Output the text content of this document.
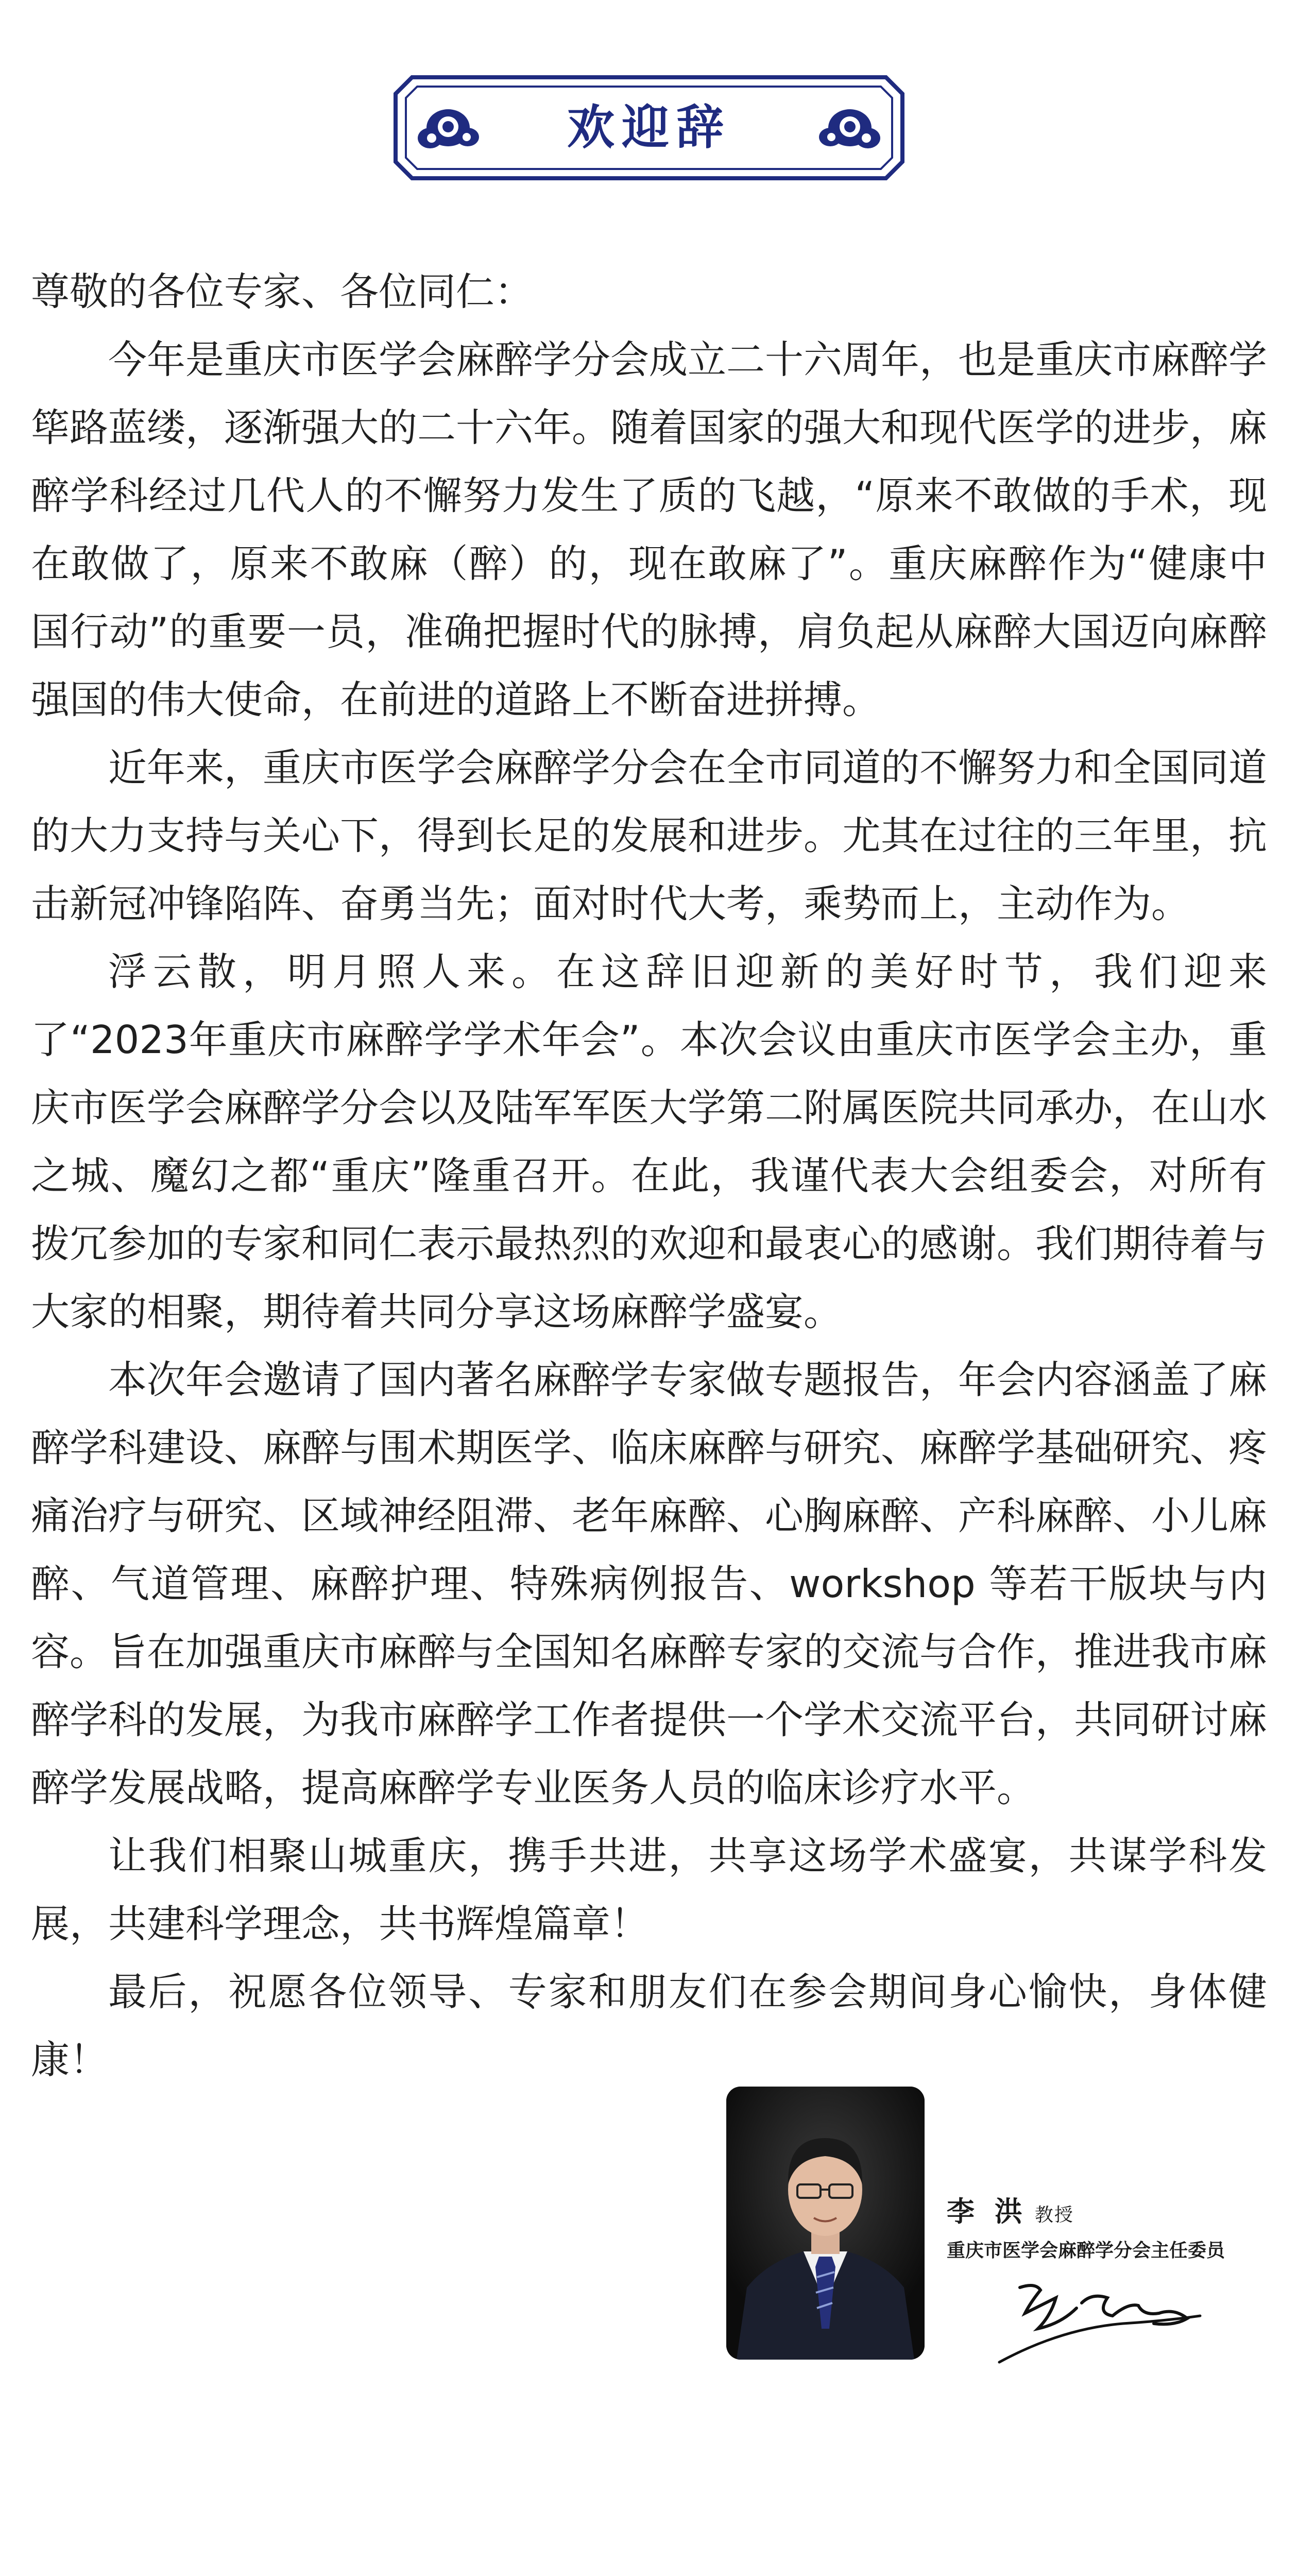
欢迎辞

尊敬的各位专家、各位同仁：

今年是重庆市医学会麻醉学分会成立二十六周年，也是重庆市麻醉学筚路蓝缕，逐渐强大的二十六年。随着国家的强大和现代医学的进步，麻醉学科经过几代人的不懈努力发生了质的飞越，“原来不敢做的手术，现在敢做了，原来不敢麻（醉）的，现在敢麻了”。重庆麻醉作为“健康中国行动”的重要一员，准确把握时代的脉搏，肩负起从麻醉大国迈向麻醉强国的伟大使命，在前进的道路上不断奋进拼搏。

近年来，重庆市医学会麻醉学分会在全市同道的不懈努力和全国同道的大力支持与关心下，得到长足的发展和进步。尤其在过往的三年里，抗击新冠冲锋陷阵、奋勇当先；面对时代大考，乘势而上，主动作为。

浮云散，明月照人来。在这辞旧迎新的美好时节，我们迎来了“2023年重庆市麻醉学学术年会”。本次会议由重庆市医学会主办，重庆市医学会麻醉学分会以及陆军军医大学第二附属医院共同承办，在山水之城、魔幻之都“重庆”隆重召开。在此，我谨代表大会组委会，对所有拨冗参加的专家和同仁表示最热烈的欢迎和最衷心的感谢。我们期待着与大家的相聚，期待着共同分享这场麻醉学盛宴。

本次年会邀请了国内著名麻醉学专家做专题报告，年会内容涵盖了麻醉学科建设、麻醉与围术期医学、临床麻醉与研究、麻醉学基础研究、疼痛治疗与研究、区域神经阻滞、老年麻醉、心胸麻醉、产科麻醉、小儿麻醉、气道管理、麻醉护理、特殊病例报告、workshop 等若干版块与内容。旨在加强重庆市麻醉与全国知名麻醉专家的交流与合作，推进我市麻醉学科的发展，为我市麻醉学工作者提供一个学术交流平台，共同研讨麻醉学发展战略，提高麻醉学专业医务人员的临床诊疗水平。

让我们相聚山城重庆，携手共进，共享这场学术盛宴，共谋学科发展，共建科学理念，共书辉煌篇章！

最后，祝愿各位领导、专家和朋友们在参会期间身心愉快，身体健康！

李 洪 教授
重庆市医学会麻醉学分会主任委员
